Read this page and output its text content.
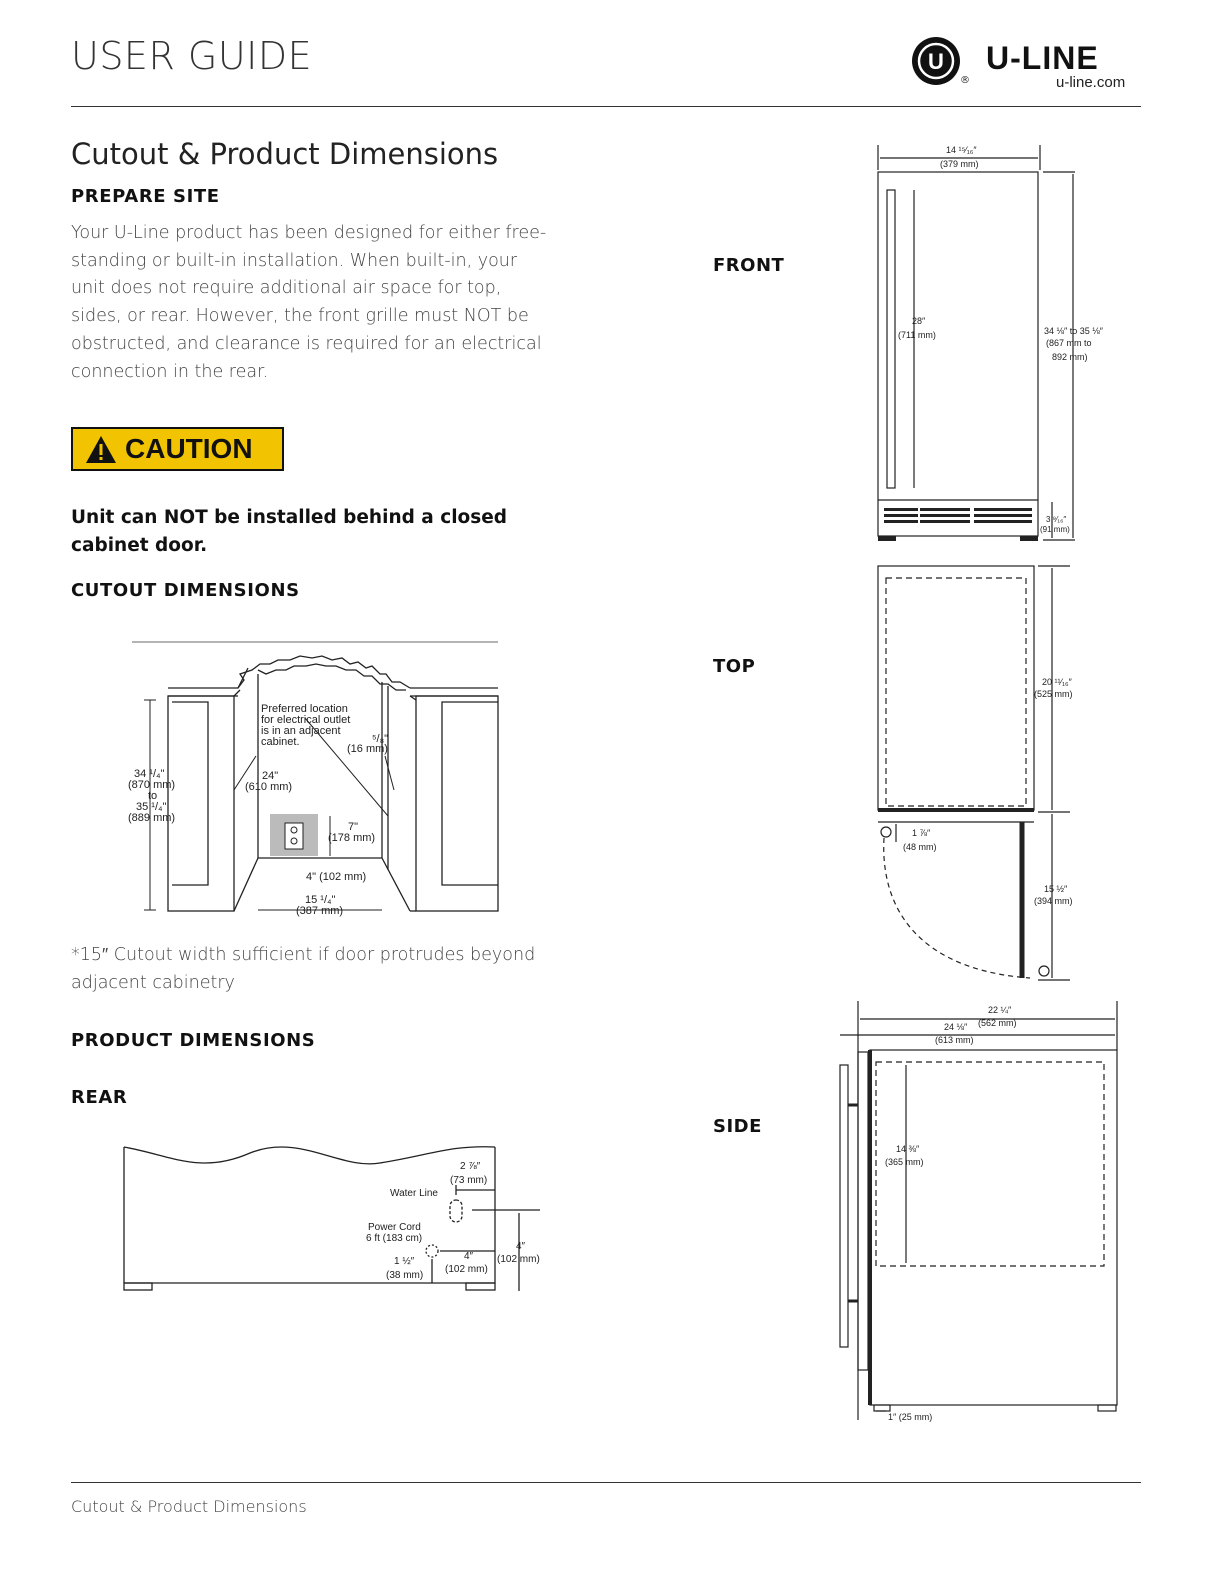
USER GUIDE	U
®
U-LINE
u-line.com
Cutout & Product Dimensions
PREPARE SITE
Your U-Line product has been designed for either free-standing or built-in installation. When built-in, your unit does not require additional air space for top, sides, or rear. However, the front grille must NOT be obstructed, and clearance is required for an electrical connection in the rear.
CAUTION
Unit can NOT be installed behind a closed cabinet door.
CUTOUT DIMENSIONS
Preferred location
for electrical outlet
is in an adjacent
cabinet.	⁵/₈"
(16 mm)
34 ¹/₄"
(870 mm)
to
35 ¹/₄"
(889 mm)
24"
(610 mm)
7"
(178 mm)
4" (102 mm)
15 ¹/₄"
(387 mm)
*15″ Cutout width sufficient if door protrudes beyond adjacent cabinetry
PRODUCT DIMENSIONS
REAR
2 ⅞″
(73 mm)
Water Line
Power Cord
6 ft (183 cm)
1 ½″
(38 mm)
4″
(102 mm)
4″
(102 mm)
FRONT
TOP
SIDE
14 ¹⁵⁄₁₆″
(379 mm)
28″
(711 mm)	34 ⅛″ to 35 ⅛″
(867 mm to
892 mm)
3 ⁹⁄₁₆″
(91 mm)
20 ¹¹⁄₁₆″
(525 mm)
1 ⅞″
(48 mm)
15 ½″
(394 mm)
22 ¼″
(562 mm)
24 ⅛″
(613 mm)
14 ⅜″
(365 mm)
1″ (25 mm)
Cutout & Product Dimensions
